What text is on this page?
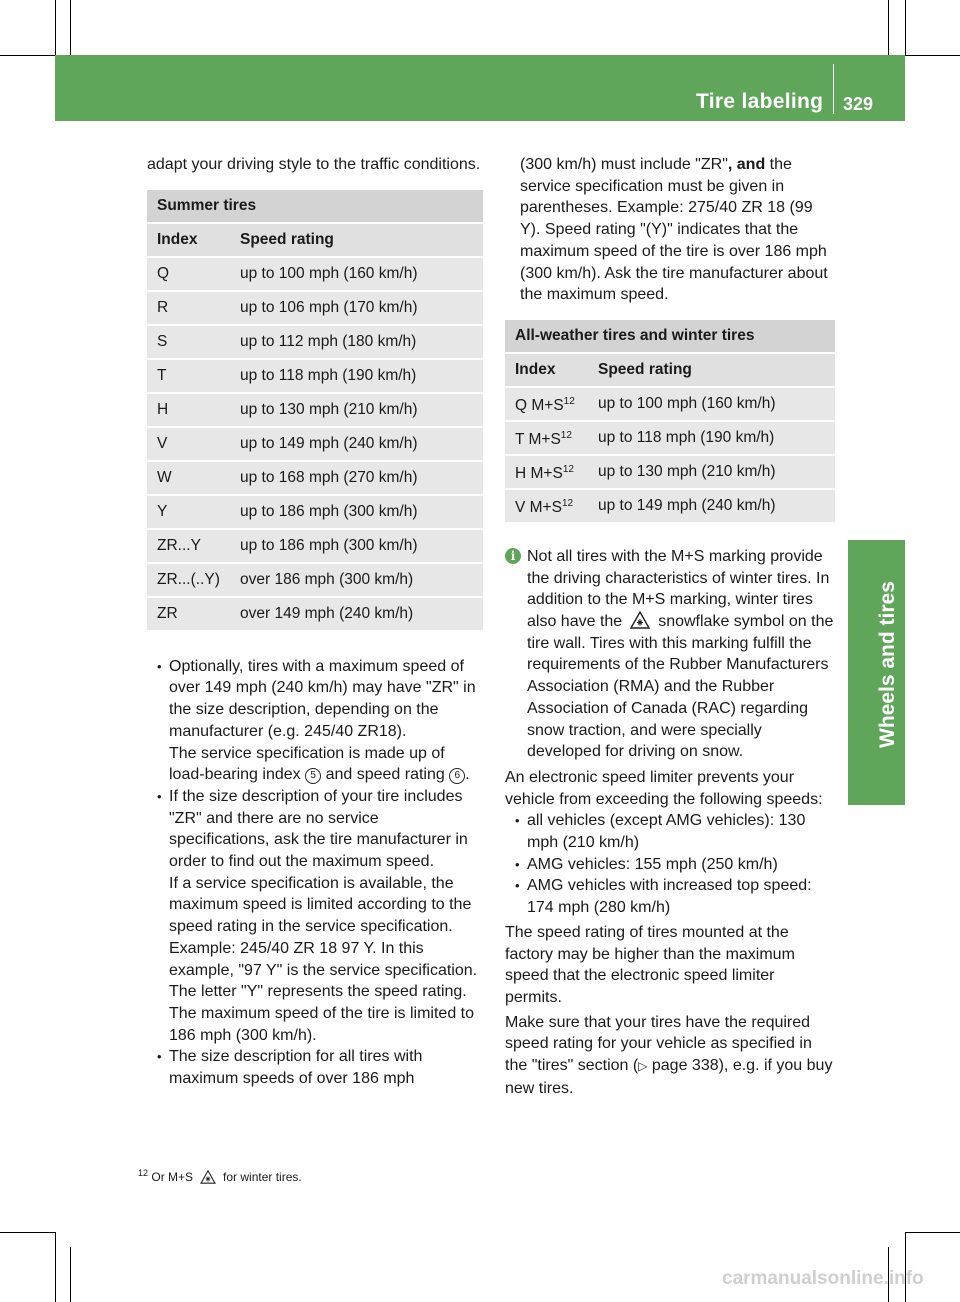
Tire labeling 329
Wheels and tires

adapt your driving style to the traffic conditions.

Summer tires	
Index	Speed rating
Q	up to 100 mph (160 km/h)
R	up to 106 mph (170 km/h)
S	up to 112 mph (180 km/h)
T	up to 118 mph (190 km/h)
H	up to 130 mph (210 km/h)
V	up to 149 mph (240 km/h)
W	up to 168 mph (270 km/h)
Y	up to 186 mph (300 km/h)
ZR...Y	up to 186 mph (300 km/h)
ZR...(..Y)	over 186 mph (300 km/h)
ZR	over 149 mph (240 km/h)

• Optionally, tires with a maximum speed of over 149 mph (240 km/h) may have "ZR" in the size description, depending on the manufacturer (e.g. 245/40 ZR18).

The service specification is made up of load-bearing index 5 and speed rating 6 .

• If the size description of your tire includes "ZR" and there are no service specifications, ask the tire manufacturer in order to find out the maximum speed.

If a service specification is available, the maximum speed is limited according to the speed rating in the service specification. Example: 245/40 ZR 18 97 Y. In this example, "97 Y" is the service specification. The letter "Y" represents the speed rating. The maximum speed of the tire is limited to 186 mph (300 km/h).

• The size description for all tires with maximum speeds of over 186 mph

(300 km/h) must include "ZR", and the service specification must be given in parentheses. Example: 275/40 ZR 18 (99 Y). Speed rating "(Y)" indicates that the maximum speed of the tire is over 186 mph (300 km/h). Ask the tire manufacturer about the maximum speed.

All-weather tires and winter tires	
Index	Speed rating
Q $M+S^{12}$	up to 100 mph (160 km/h)
T $M+S^{12}$	up to 118 mph (190 km/h)
H $M+S^{12}$	up to 130 mph (210 km/h)
V $M+S^{12}$	up to 149 mph (240 km/h)
i Not all tires with the M+S marking provide the driving characteristics of winter tires. In addition to the M+S marking, winter tires also have the snowflake symbol on the tire wall. Tires with this marking fulfill the requirements of the Rubber Manufacturers Association (RMA) and the Rubber Association of Canada (RAC) regarding snow traction, and were specially developed for driving on snow.

An electronic speed limiter prevents your vehicle from exceeding the following speeds:

• all vehicles (except AMG vehicles): 130 mph (210 km/h)

• AMG vehicles: 155 mph (250 km/h)

• AMG vehicles with increased top speed: 174 mph (280 km/h)

The speed rating of tires mounted at the factory may be higher than the maximum speed that the electronic speed limiter permits.

Make sure that your tires have the required speed rating for your vehicle as specified in the "tires" section (▷ page 338), e.g. if you buy new tires.

$^{12}$ Or M+S	for winter tires.
carmanualsonline.info
